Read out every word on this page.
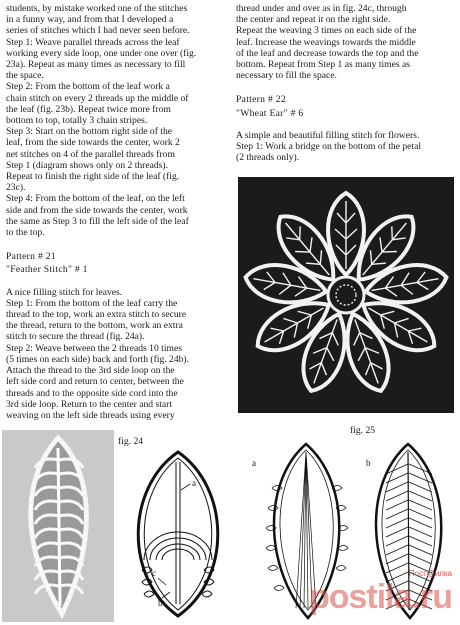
students, by mistake worked one of the stitches

in a funny way, and from that I developed a

series of stitches which I had never seen before.

Step 1: Weave parallel threads across the leaf

working every side loop, one under one over (fig.

23a). Repeat as many times as necessary to fill

the space.

Step 2: From the bottom of the leaf work a

chain stitch on every 2 threads up the middle of

the leaf (fig. 23b). Repeat twice more from

bottom to top, totally 3 chain stripes.

Step 3: Start on the bottom right side of the

leaf, from the side towards the center, work 2

net stitches on 4 of the parallel threads from

Step 1 (diagram shows only on 2 threads).

Repeat to finish the right side of the leaf (fig.

23c).

Step 4: From the bottom of the leaf, on the left

side and from the side towards the center, work

the same as Step 3 to fill the left side of the leaf

to the top.

Pattern # 21

"Feather Stitch" # 1

A nice filling stitch for leaves.

Step 1: From the bottom of the leaf carry the

thread to the top, work an extra stitch to secure

the thread, return to the bottom, work an extra

stitch to secure the thread (fig. 24a).

Step 2: Weave between the 2 threads 10 times

(5 times on each side) back and forth (fig. 24b).

Attach the thread to the 3rd side loop on the

left side cord and return to center, between the

threads and to the opposite side cord into the

3rd side loop. Return to the center and start

weaving on the left side threads using every

thread under and over as in fig. 24c, through

the center and repeat it on the right side.

Repeat the weaving 3 times on each side of the

leaf. Increase the weavings towards the middle

of the leaf and decrease towards the top and the

bottom. Repeat from Step 1 as many times as

necessary to fill the space.

Pattern # 22

"Wheat Ear" # 6

A simple and beautiful filling stitch for flowers.

Step 1: Work a bridge on the bottom of the petal

(2 threads only).

fig. 24
a
c
b
fig. 25
a	b
Пост@илка
postila.ru
